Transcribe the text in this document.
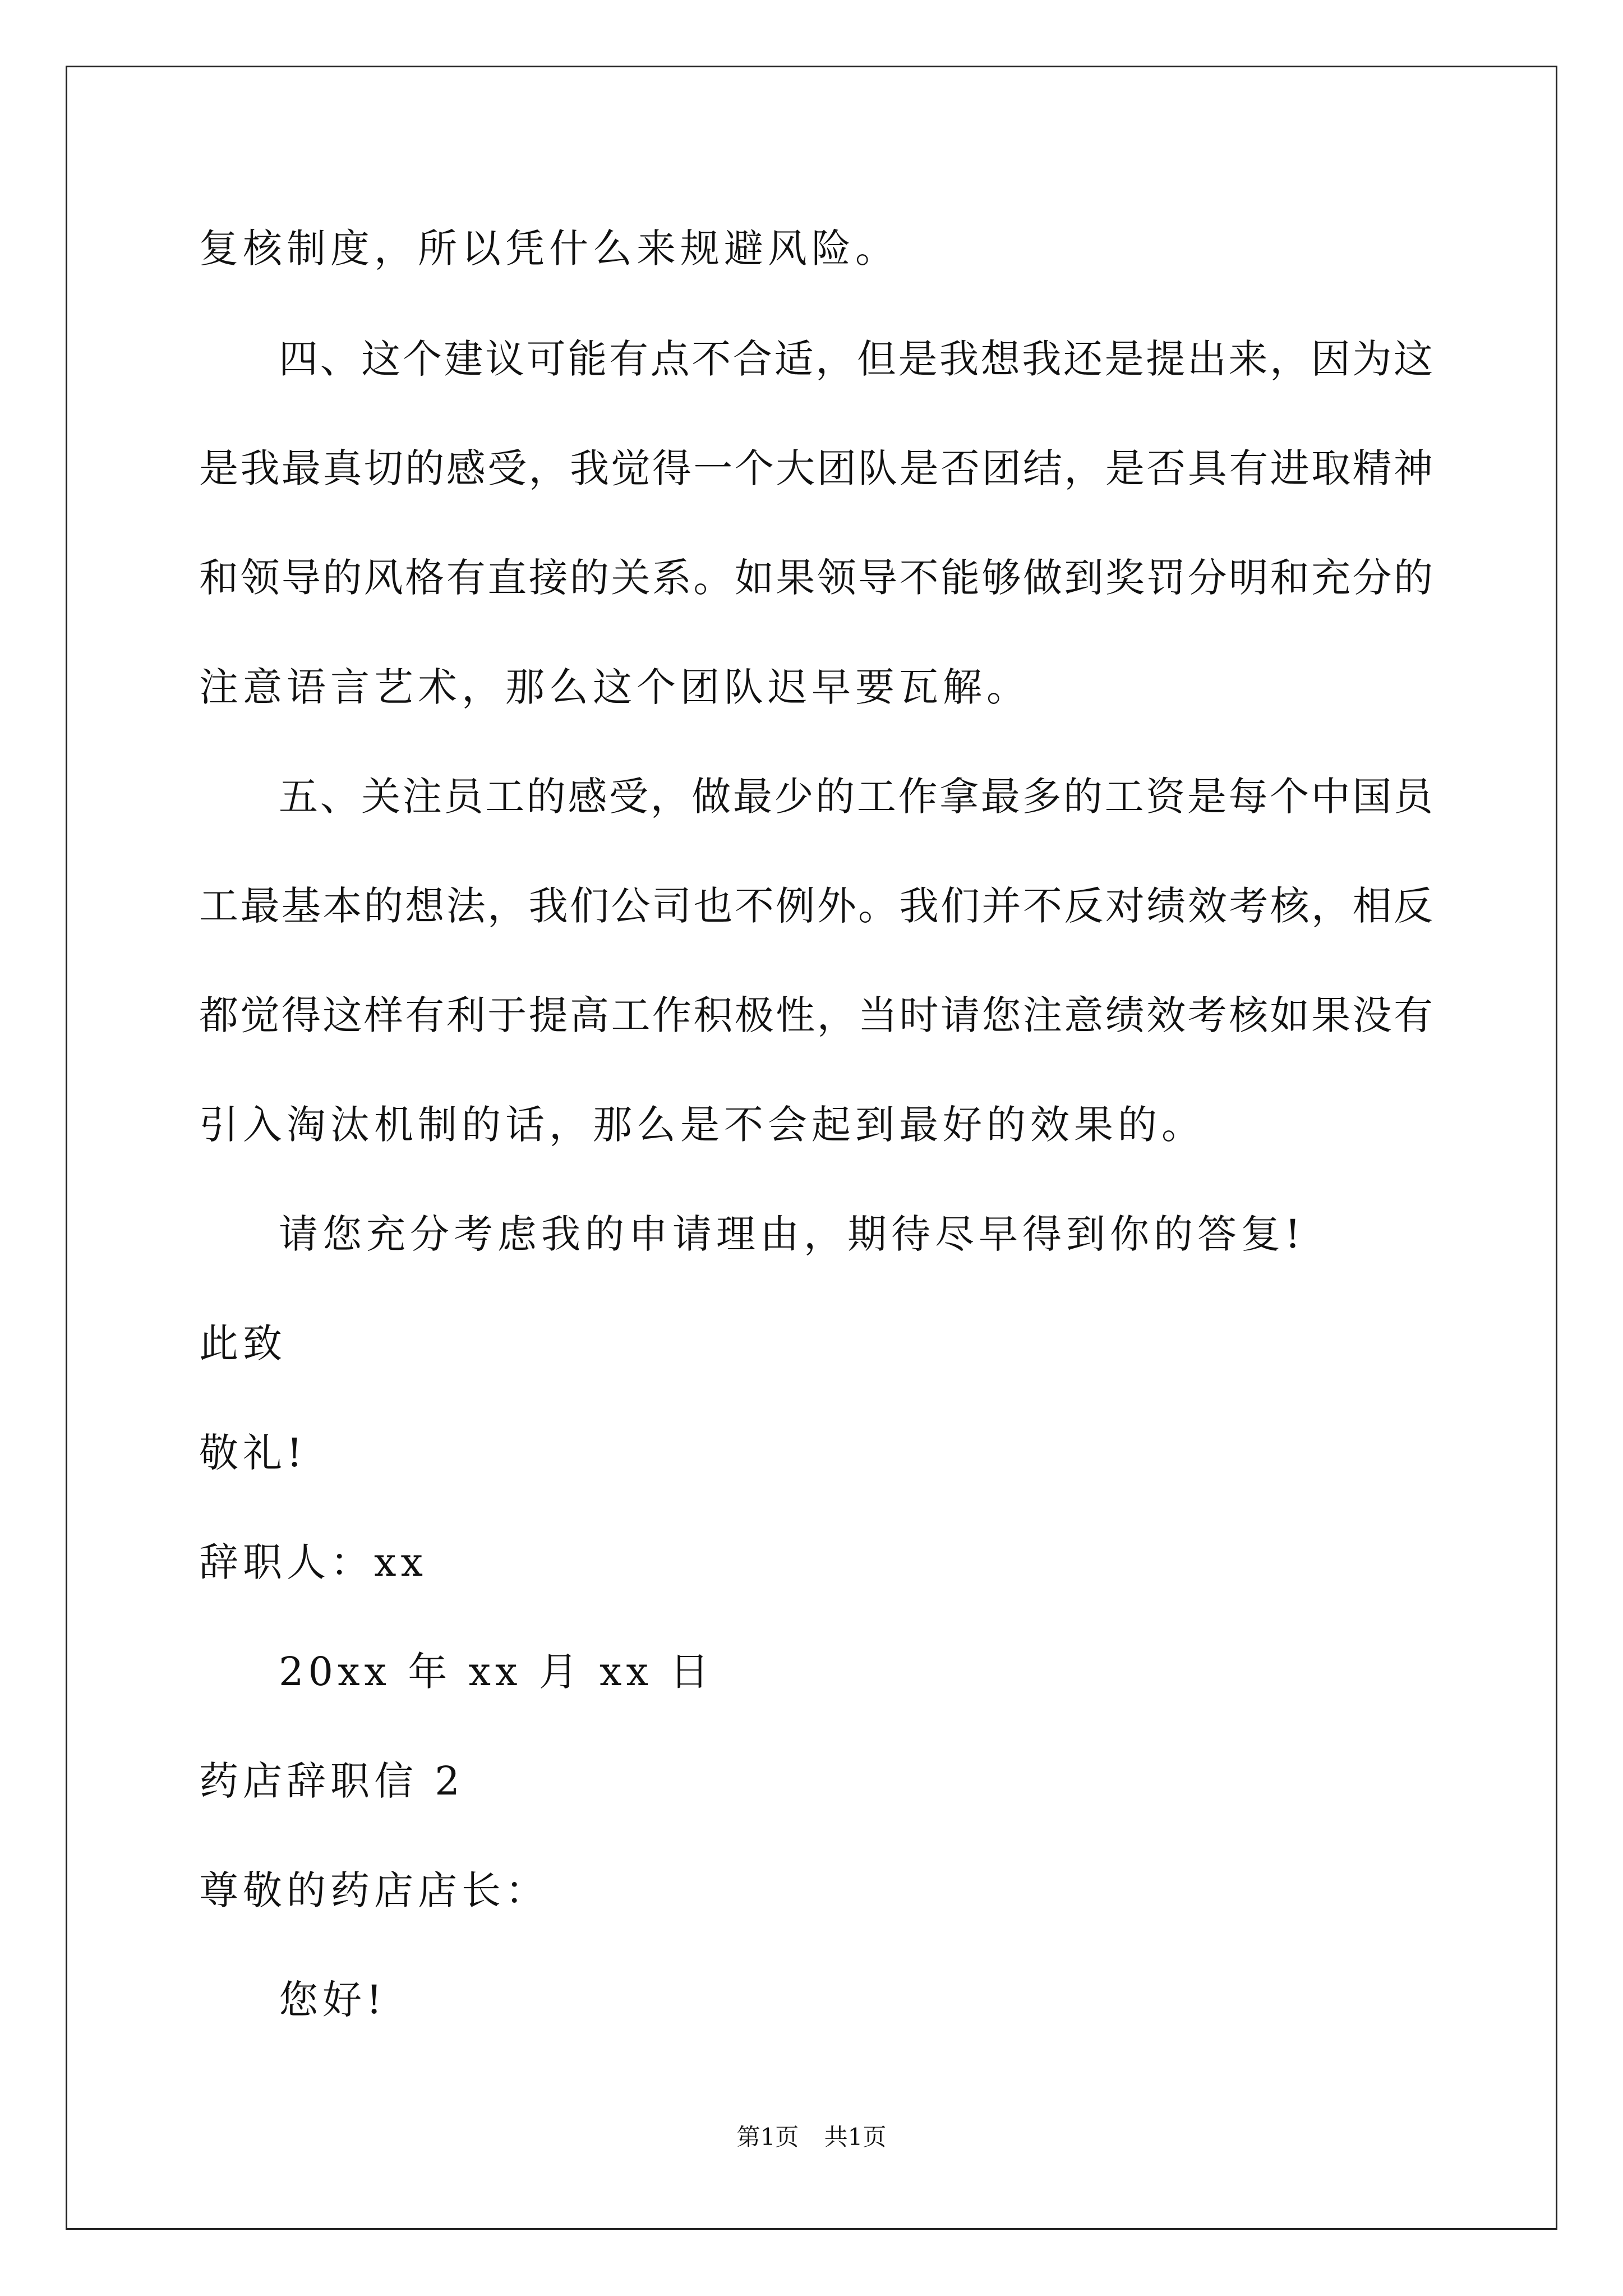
复核制度，所以凭什么来规避风险。
四、这个建议可能有点不合适，但是我想我还是提出来，因为这
是我最真切的感受，我觉得一个大团队是否团结，是否具有进取精神
和领导的风格有直接的关系。如果领导不能够做到奖罚分明和充分的
注意语言艺术，那么这个团队迟早要瓦解。
五、关注员工的感受，做最少的工作拿最多的工资是每个中国员
工最基本的想法，我们公司也不例外。我们并不反对绩效考核，相反
都觉得这样有利于提高工作积极性，当时请您注意绩效考核如果没有
引入淘汰机制的话，那么是不会起到最好的效果的。
请您充分考虑我的申请理由，期待尽早得到你的答复!
此致
敬礼!
辞职人：xx
20xx 年 xx 月 xx 日
药店辞职信 2
尊敬的药店店长：
您好!
第1页 共1页
